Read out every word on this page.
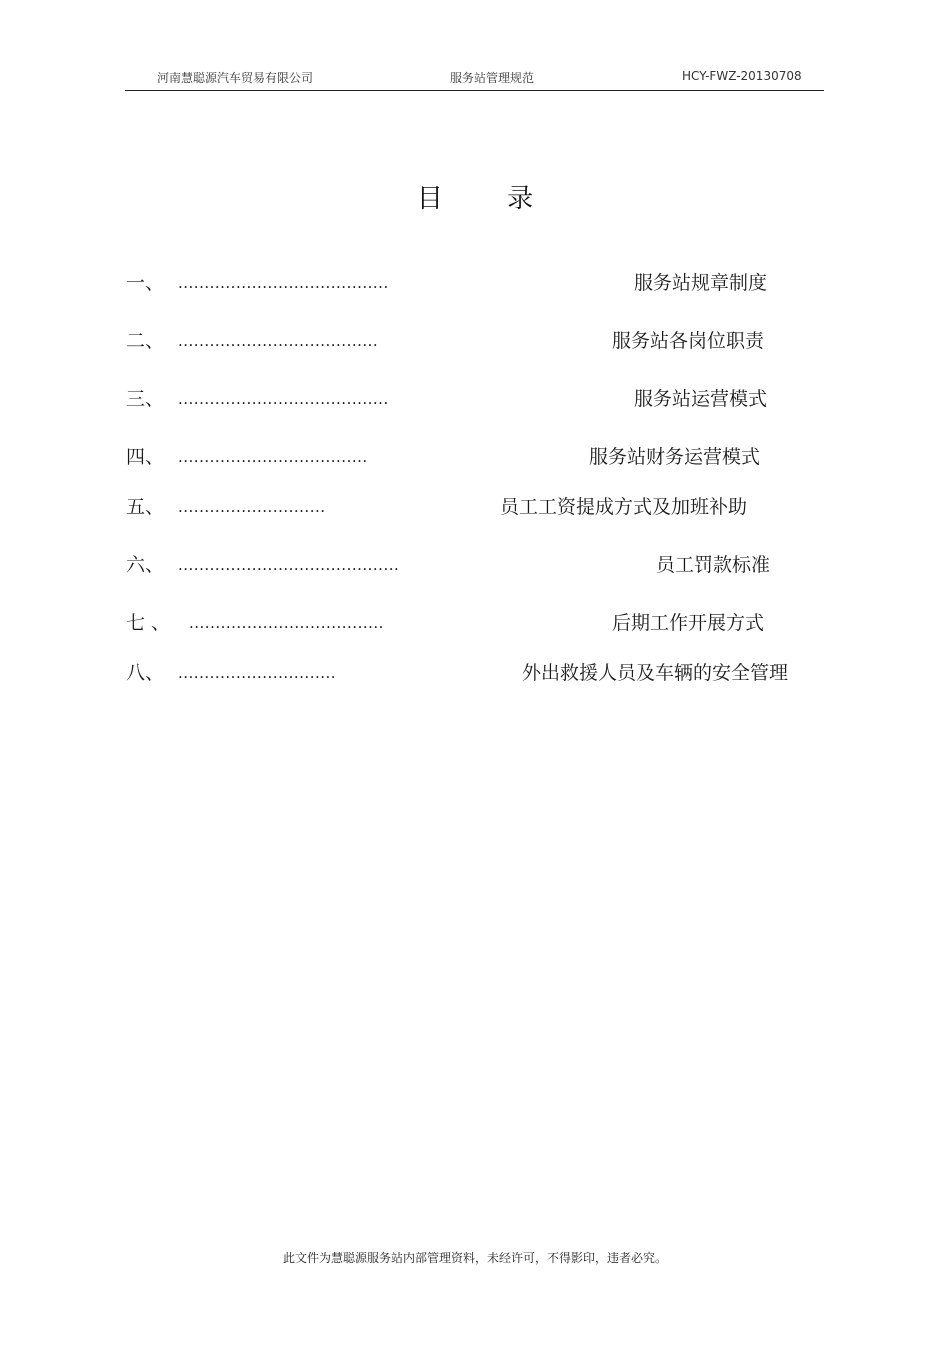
河南慧聪源汽车贸易有限公司	服务站管理规范	HCY-FWZ-20130708
目 录
一、 ........................................	服务站规章制度
二、 ......................................	服务站各岗位职责
三、 ........................................	服务站运营模式
四、 ....................................	服务站财务运营模式
五、 ............................	员工工资提成方式及加班补助
六、 ..........................................	员工罚款标准
七 、 .....................................	后期工作开展方式
八、 ..............................	外出救援人员及车辆的安全管理
此文件为慧聪源服务站内部管理资料，未经许可，不得影印，违者必究。
